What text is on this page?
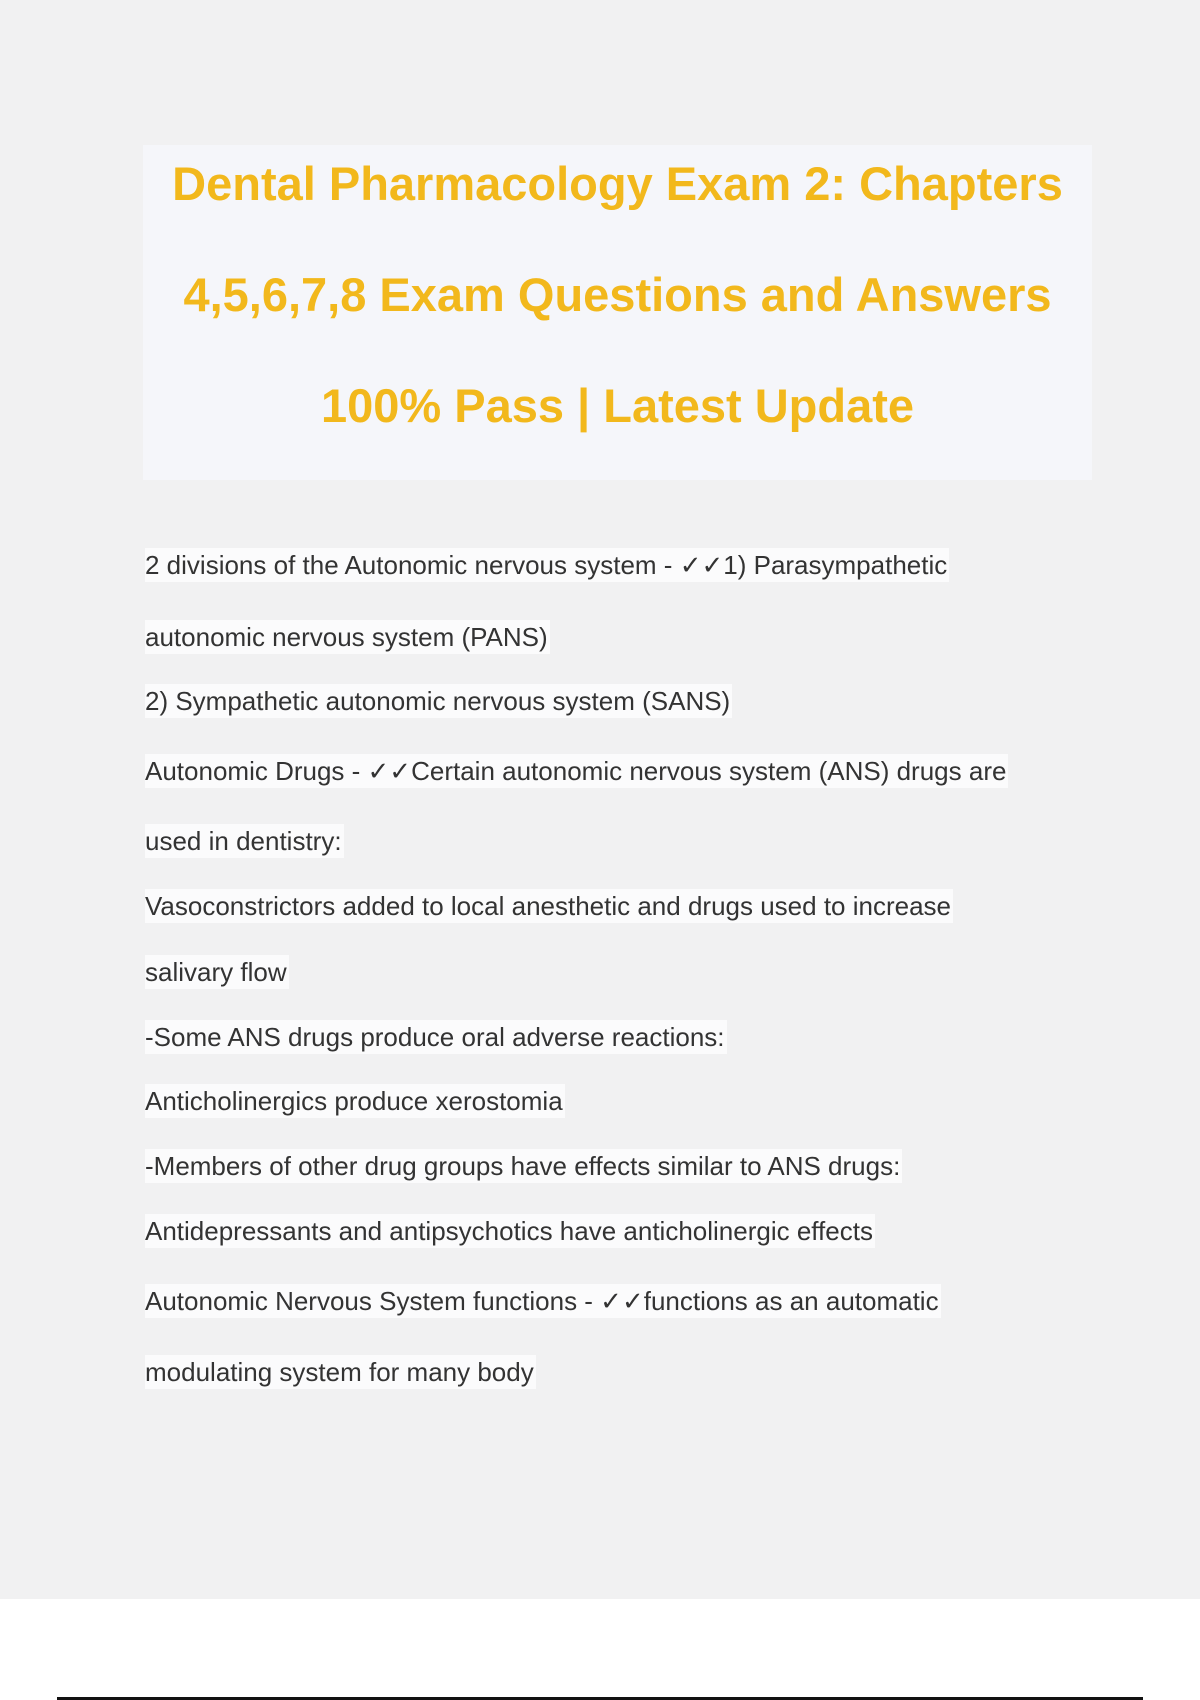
Dental Pharmacology Exam 2: Chapters
4,5,6,7,8 Exam Questions and Answers
100% Pass | Latest Update
2 divisions of the Autonomic nervous system - ✓✓1) Parasympathetic
autonomic nervous system (PANS)
2) Sympathetic autonomic nervous system (SANS)
Autonomic Drugs - ✓✓Certain autonomic nervous system (ANS) drugs are
used in dentistry:
Vasoconstrictors added to local anesthetic and drugs used to increase
salivary flow
-Some ANS drugs produce oral adverse reactions:
Anticholinergics produce xerostomia
-Members of other drug groups have effects similar to ANS drugs:
Antidepressants and antipsychotics have anticholinergic effects
Autonomic Nervous System functions - ✓✓functions as an automatic
modulating system for many body
